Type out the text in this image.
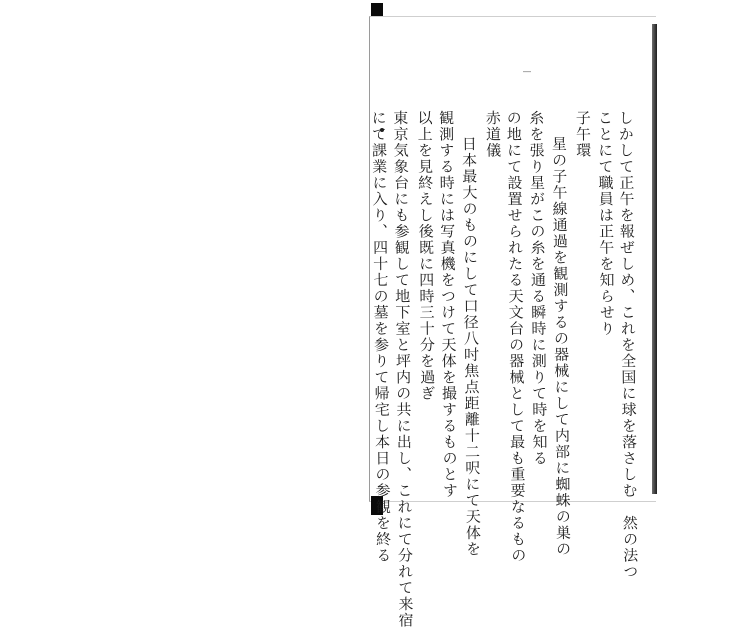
―
しかして正午を報ぜしめ、これを全国に球を落さしむ　然の法つ
ことにて職員は正午を知らせり
子午環
星の子午線通過を観測するの器械にして内部に蜘蛛の巣の
糸を張り星がこの糸を通る瞬時に測りて時を知る
の地にて設置せられたる天文台の器械として最も重要なるもの
赤道儀
日本最大のものにして口径八吋焦点距離十二呎にて天体を
観測する時には写真機をつけて天体を撮するものとす
以上を見終えし後既に四時三十分を過ぎ
東京気象台にも参観して地下室と坪内の共に出し、これにて分れて来宿
にて課業に入り、四十七の墓を参りて帰宅し本日の参観を終る
